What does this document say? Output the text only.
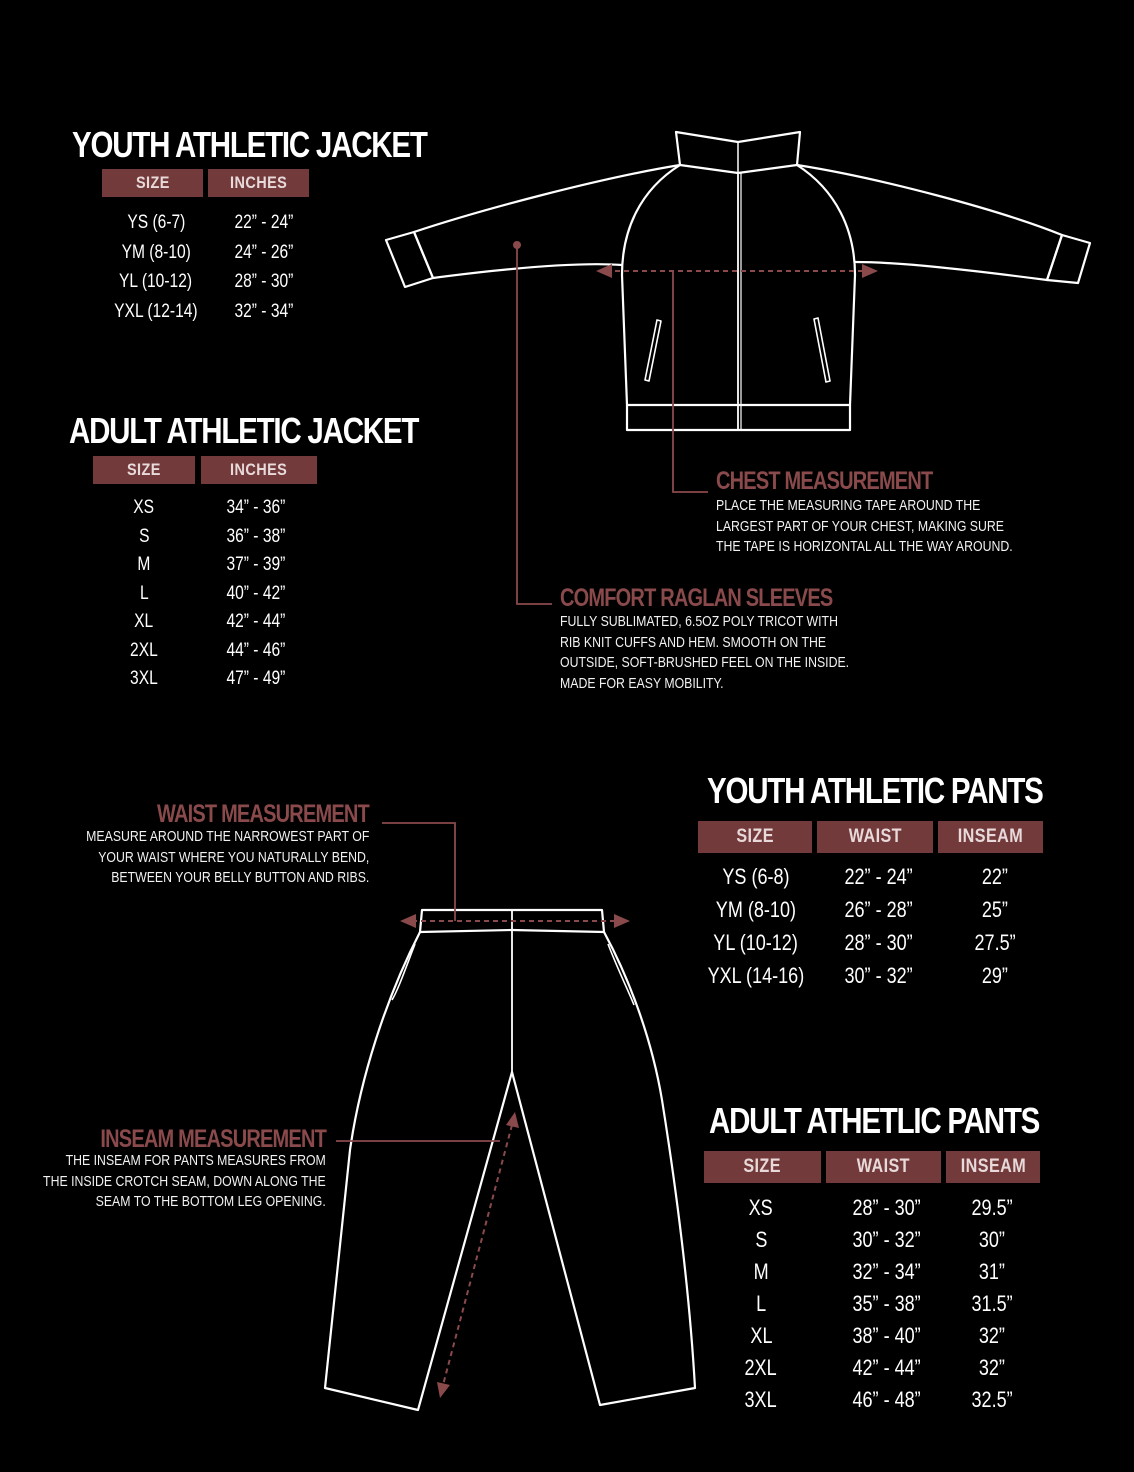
YOUTH ATHLETIC JACKET
SIZE	INCHES
YS (6-7)	22” - 24”
YM (8-10)	24” - 26”
YL (10-12)	28” - 30”
YXL (12-14)	32” - 34”
ADULT ATHLETIC JACKET
SIZE	INCHES
XS	34” - 36”
S	36” - 38”
M	37” - 39”
L	40” - 42”
XL	42” - 44”
2XL	44” - 46”
3XL	47” - 49”
CHEST MEASUREMENT
PLACE THE MEASURING TAPE AROUND THE
LARGEST PART OF YOUR CHEST, MAKING SURE
THE TAPE IS HORIZONTAL ALL THE WAY AROUND.
COMFORT RAGLAN SLEEVES
FULLY SUBLIMATED, 6.5OZ POLY TRICOT WITH
RIB KNIT CUFFS AND HEM. SMOOTH ON THE
OUTSIDE, SOFT-BRUSHED FEEL ON THE INSIDE.
MADE FOR EASY MOBILITY.
WAIST MEASUREMENT
MEASURE AROUND THE NARROWEST PART OF
YOUR WAIST WHERE YOU NATURALLY BEND,
BETWEEN YOUR BELLY BUTTON AND RIBS.
INSEAM MEASUREMENT
THE INSEAM FOR PANTS MEASURES FROM
THE INSIDE CROTCH SEAM, DOWN ALONG THE
SEAM TO THE BOTTOM LEG OPENING.
YOUTH ATHLETIC PANTS
SIZE	WAIST	INSEAM
YS (6-8)	22” - 24”	22”
YM (8-10)	26” - 28”	25”
YL (10-12)	28” - 30”	27.5”
YXL (14-16)	30” - 32”	29”
ADULT ATHETLIC PANTS
SIZE	WAIST	INSEAM
XS	28” - 30”	29.5”
S	30” - 32”	30”
M	32” - 34”	31”
L	35” - 38”	31.5”
XL	38” - 40”	32”
2XL	42” - 44”	32”
3XL	46” - 48”	32.5”
